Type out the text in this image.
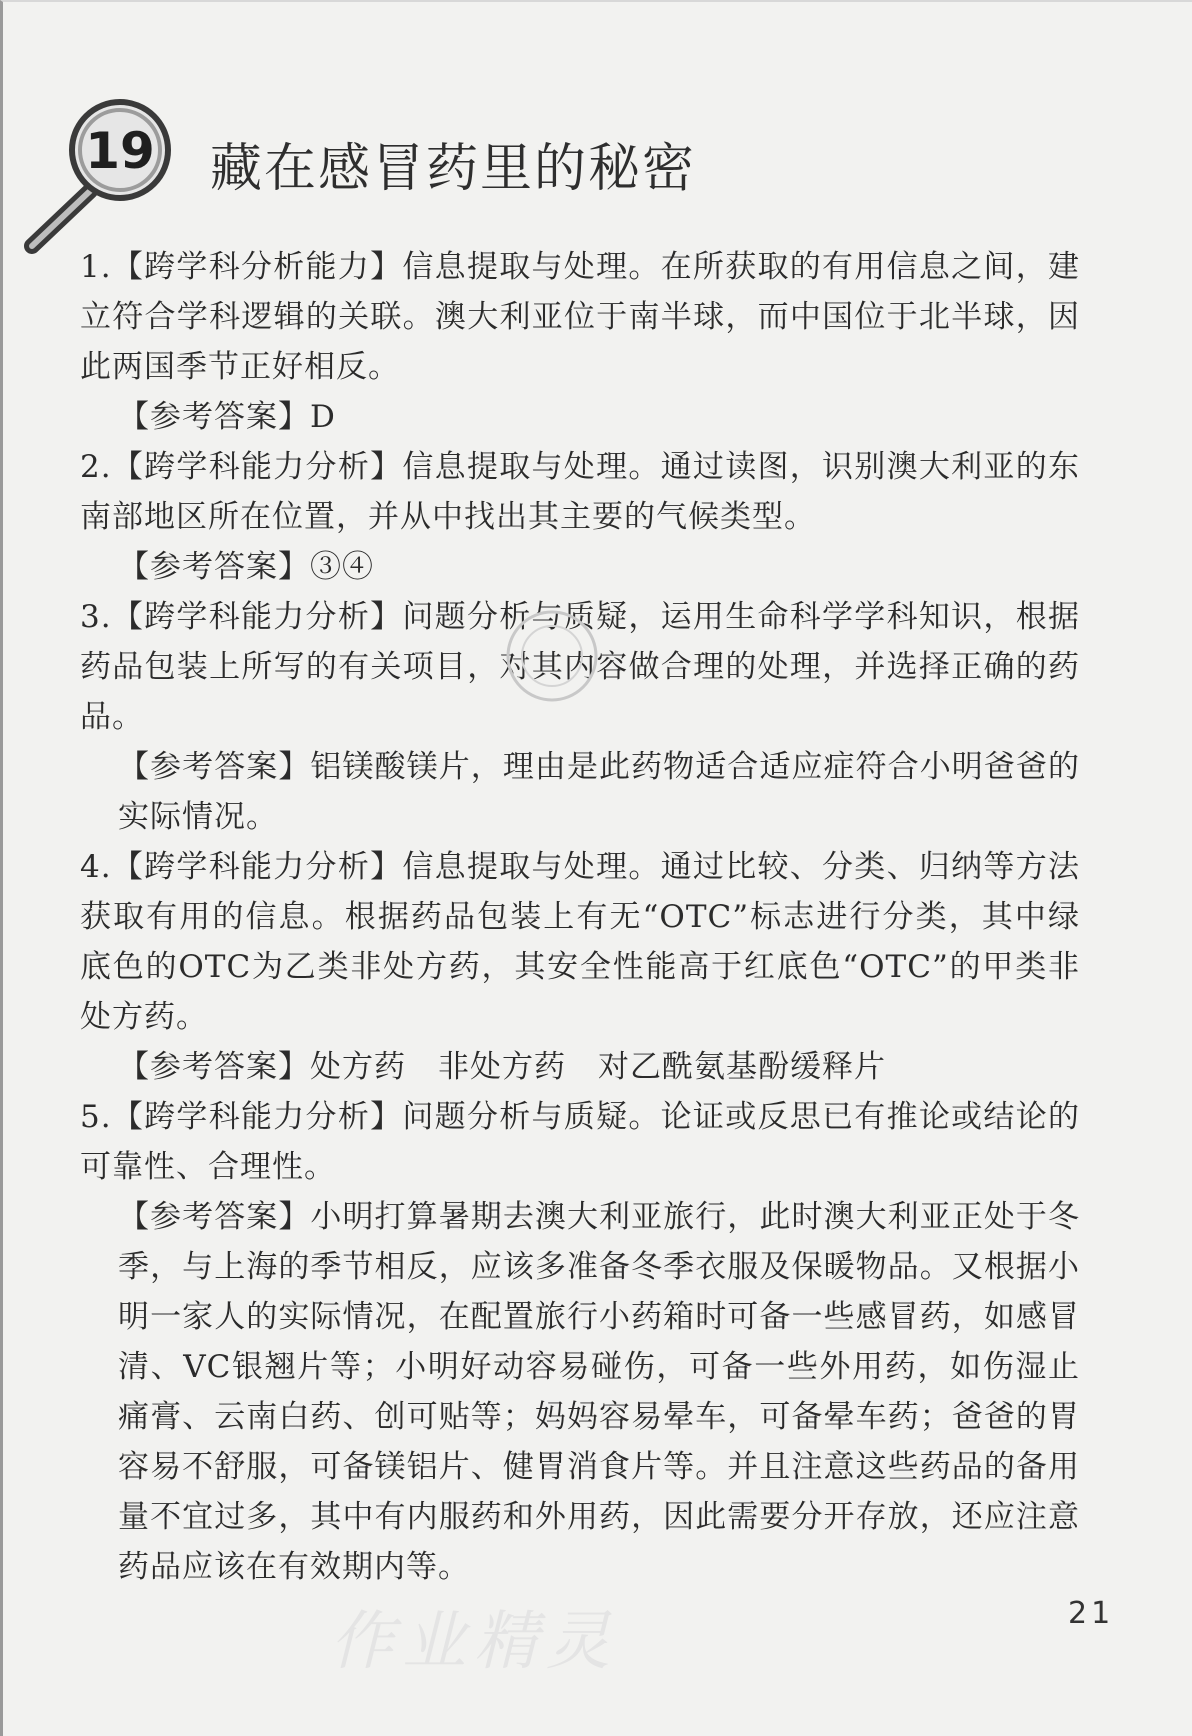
19 藏在感冒药里的秘密

1.【跨学科分析能力】信息提取与处理。在所获取的有用信息之间，建立符合学科逻辑的关联。澳大利亚位于南半球，而中国位于北半球，因此两国季节正好相反。

【参考答案】D

2.【跨学科能力分析】信息提取与处理。通过读图，识别澳大利亚的东南部地区所在位置，并从中找出其主要的气候类型。

【参考答案】③④

3.【跨学科能力分析】问题分析与质疑，运用生命科学学科知识，根据药品包装上所写的有关项目，对其内容做合理的处理，并选择正确的药品。

【参考答案】铝镁酸镁片，理由是此药物适合适应症符合小明爸爸的实际情况。

4.【跨学科能力分析】信息提取与处理。通过比较、分类、归纳等方法获取有用的信息。根据药品包装上有无“OTC”标志进行分类，其中绿底色的OTC为乙类非处方药，其安全性能高于红底色“OTC”的甲类非处方药。

【参考答案】处方药　非处方药　对乙酰氨基酚缓释片

5.【跨学科能力分析】问题分析与质疑。论证或反思已有推论或结论的可靠性、合理性。

【参考答案】小明打算暑期去澳大利亚旅行，此时澳大利亚正处于冬季，与上海的季节相反，应该多准备冬季衣服及保暖物品。又根据小明一家人的实际情况，在配置旅行小药箱时可备一些感冒药，如感冒清、VC银翘片等；小明好动容易碰伤，可备一些外用药，如伤湿止痛膏、云南白药、创可贴等；妈妈容易晕车，可备晕车药；爸爸的胃容易不舒服，可备镁铝片、健胃消食片等。并且注意这些药品的备用量不宜过多，其中有内服药和外用药，因此需要分开存放，还应注意药品应该在有效期内等。

作业精灵	21
